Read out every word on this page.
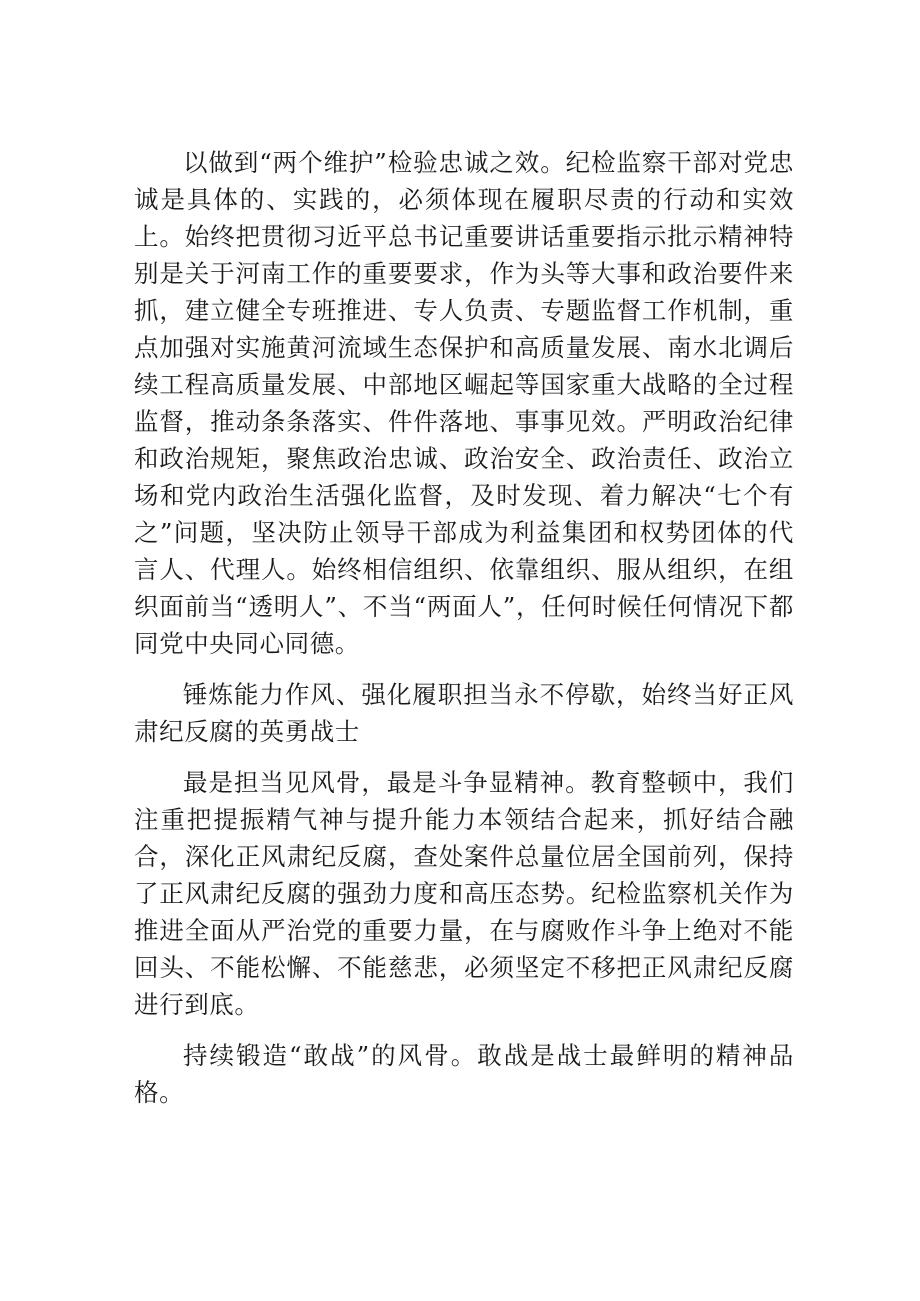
以做到“两个维护”检验忠诚之效。纪检监察干部对党忠诚是具体的、实践的，必须体现在履职尽责的行动和实效上。始终把贯彻习近平总书记重要讲话重要指示批示精神特别是关于河南工作的重要要求，作为头等大事和政治要件来抓，建立健全专班推进、专人负责、专题监督工作机制，重点加强对实施黄河流域生态保护和高质量发展、南水北调后续工程高质量发展、中部地区崛起等国家重大战略的全过程监督，推动条条落实、件件落地、事事见效。严明政治纪律和政治规矩，聚焦政治忠诚、政治安全、政治责任、政治立场和党内政治生活强化监督，及时发现、着力解决“七个有之”问题，坚决防止领导干部成为利益集团和权势团体的代言人、代理人。始终相信组织、依靠组织、服从组织，在组织面前当“透明人”、不当“两面人”，任何时候任何情况下都同党中央同心同德。

锤炼能力作风、强化履职担当永不停歇，始终当好正风肃纪反腐的英勇战士

最是担当见风骨，最是斗争显精神。教育整顿中，我们注重把提振精气神与提升能力本领结合起来，抓好结合融合，深化正风肃纪反腐，查处案件总量位居全国前列，保持了正风肃纪反腐的强劲力度和高压态势。纪检监察机关作为推进全面从严治党的重要力量，在与腐败作斗争上绝对不能回头、不能松懈、不能慈悲，必须坚定不移把正风肃纪反腐进行到底。

持续锻造“敢战”的风骨。敢战是战士最鲜明的精神品格。
